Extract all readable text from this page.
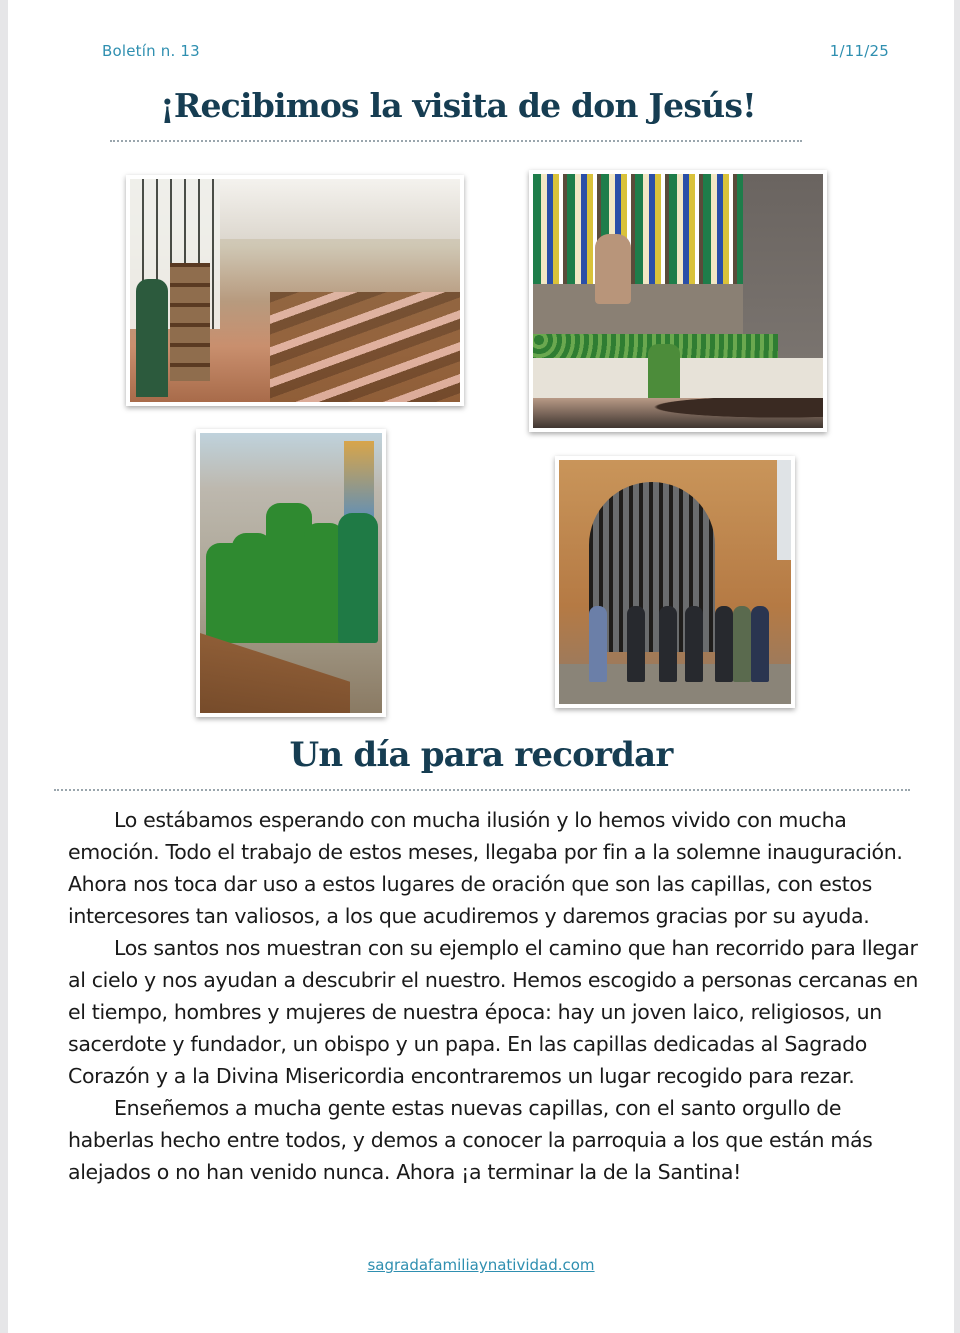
Boletín n. 13	1/11/25
¡Recibimos la visita de don Jesús!
Un día para recordar

Lo estábamos esperando con mucha ilusión y lo hemos vivido con mucha emoción. Todo el trabajo de estos meses, llegaba por fin a la solemne inauguración. Ahora nos toca dar uso a estos lugares de oración que son las capillas, con estos intercesores tan valiosos, a los que acudiremos y daremos gracias por su ayuda.

Los santos nos muestran con su ejemplo el camino que han recorrido para llegar al cielo y nos ayudan a descubrir el nuestro. Hemos escogido a personas cercanas en el tiempo, hombres y mujeres de nuestra época: hay un joven laico, religiosos, un sacerdote y fundador, un obispo y un papa. En las capillas dedicadas al Sagrado Corazón y a la Divina Misericordia encontraremos un lugar recogido para rezar.

Enseñemos a mucha gente estas nuevas capillas, con el santo orgullo de haberlas hecho entre todos, y demos a conocer la parroquia a los que están más alejados o no han venido nunca. Ahora ¡a terminar la de la Santina!

sagradafamiliaynatividad.com
